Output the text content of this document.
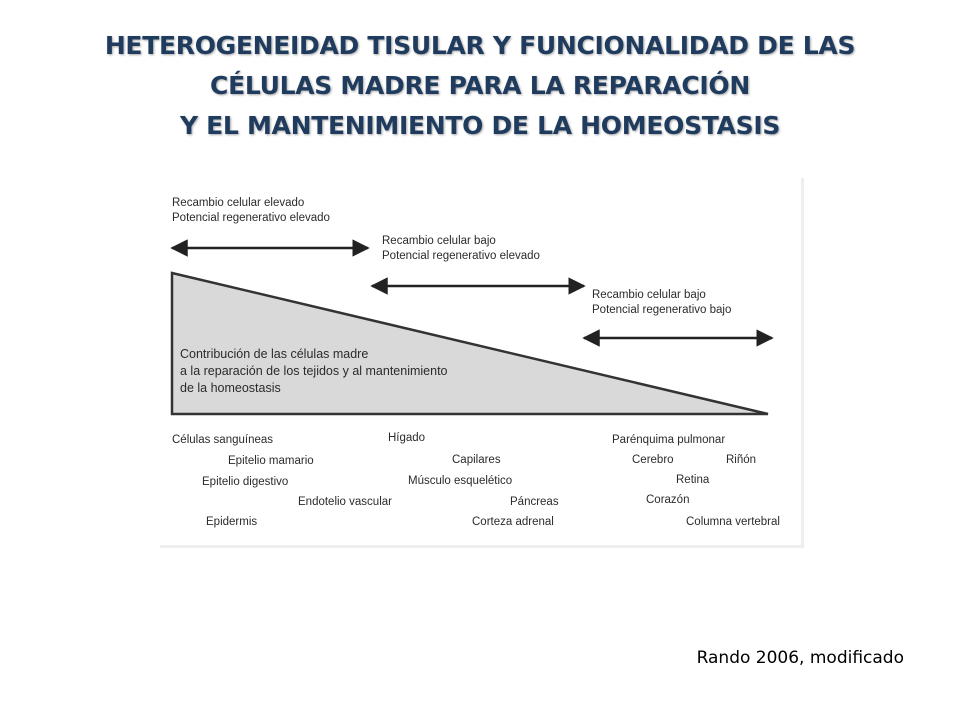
HETEROGENEIDAD TISULAR Y FUNCIONALIDAD DE LAS
CÉLULAS MADRE PARA LA REPARACIÓN
Y EL MANTENIMIENTO DE LA HOMEOSTASIS
Recambio celular elevado
Potencial regenerativo elevado
Recambio celular bajo
Potencial regenerativo elevado
Recambio celular bajo
Potencial regenerativo bajo
Contribución de las células madre
a la reparación de los tejidos y al mantenimiento
de la homeostasis
Células sanguíneas
Epitelio mamario
Epitelio digestivo
Endotelio vascular
Epidermis
Hígado
Capilares
Músculo esquelético
Páncreas
Corteza adrenal
Parénquima pulmonar
Cerebro	Riñón
Retina
Corazón
Columna vertebral
Rando 2006, modificado
